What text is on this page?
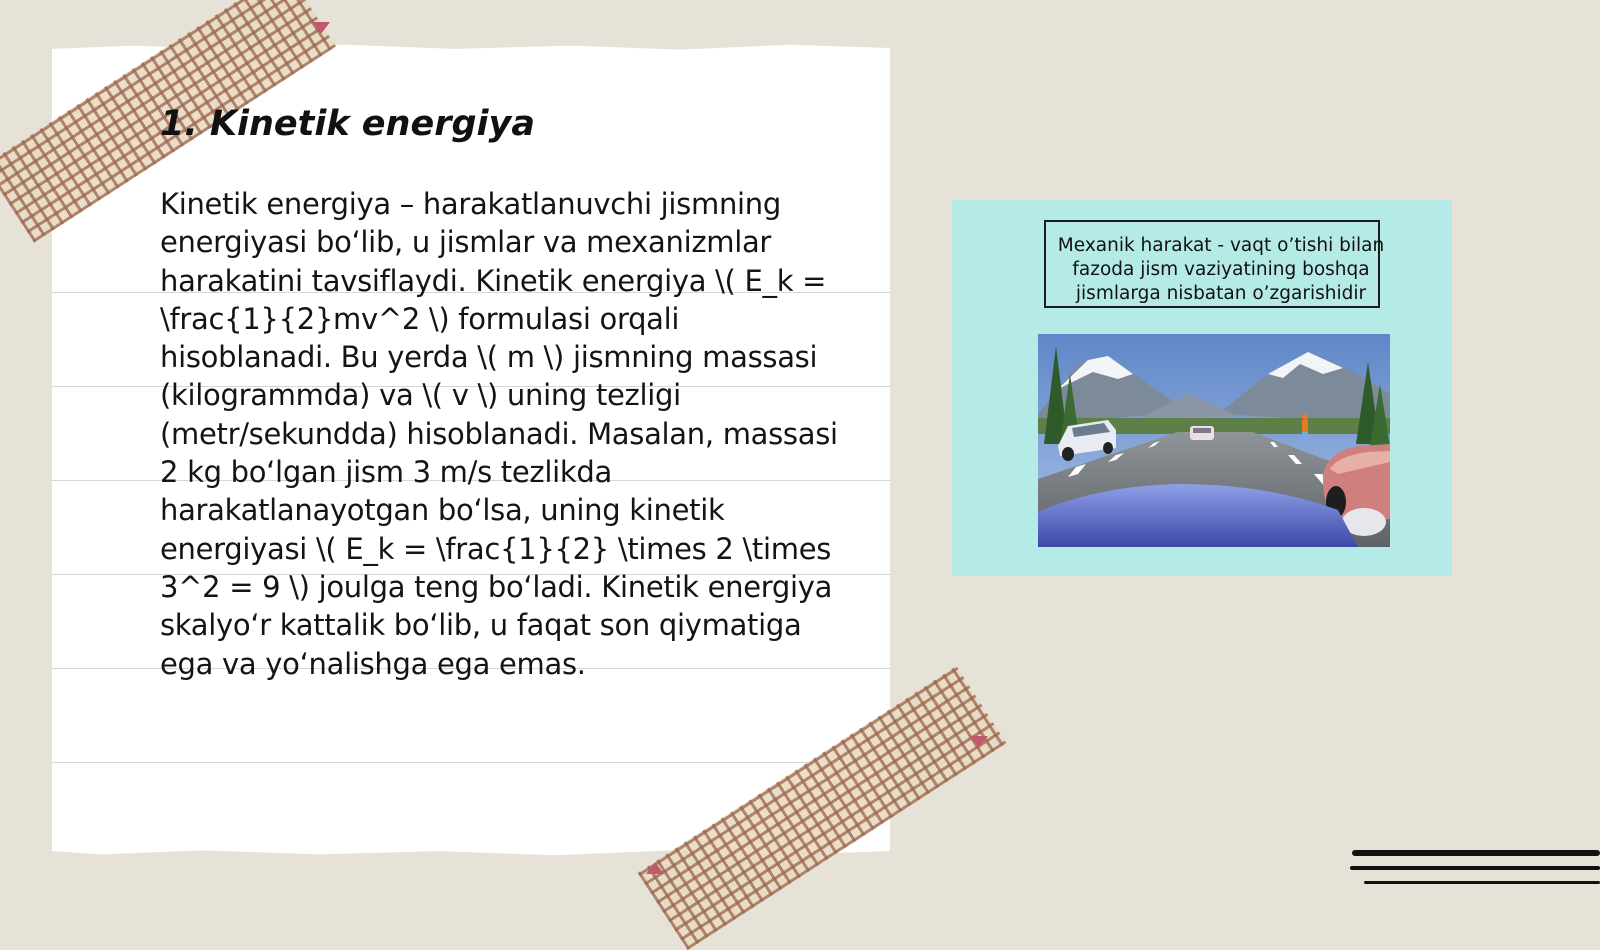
1. Kinetik energiya

Kinetik energiya – harakatlanuvchi jismning energiyasi bo‘lib, u jismlar va mexanizmlar harakatini tavsiflaydi. Kinetik energiya \( E_k = \frac{1}{2}mv^2 \) formulasi orqali hisoblanadi. Bu yerda \( m \) jismning massasi (kilogrammda) va \( v \) uning tezligi (metr/sekundda) hisoblanadi. Masalan, massasi 2 kg bo‘lgan jism 3 m/s tezlikda harakatlanayotgan bo‘lsa, uning kinetik energiyasi \( E_k = \frac{1}{2} \times 2 \times 3^2 = 9 \) joulga teng bo‘ladi. Kinetik energiya skalyo‘r kattalik bo‘lib, u faqat son qiymatiga ega va yo‘nalishga ega emas.

Mexanik harakat - vaqt o’tishi bilan fazoda jism vaziyatining boshqa jismlarga nisbatan o’zgarishidir
